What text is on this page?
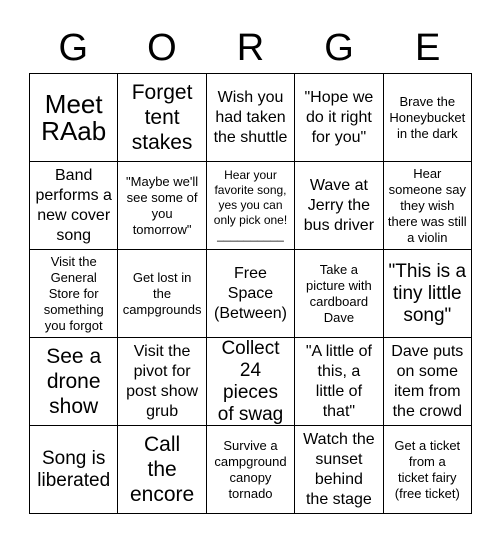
G	O	R	G	E
Meet
RAab
Forget
tent
stakes
Wish you
had taken
the shuttle
"Hope we
do it right
for you"
Brave the
Honeybucket
in the dark
Band
performs a
new cover
song
"Maybe we'll
see some of
you
tomorrow"
Hear your
favorite song,
yes you can
only pick one!
__________
Wave at
Jerry the
bus driver
Hear
someone say
they wish
there was still
a violin
Visit the
General
Store for
something
you forgot
Get lost in
the
campgrounds
Free
Space
(Between)
Take a
picture with
cardboard
Dave
"This is a
tiny little
song"
See a
drone
show
Visit the
pivot for
post show
grub
Collect
24 pieces
of swag
"A little of
this, a
little of
that"
Dave puts
on some
item from
the crowd
Song is
liberated
Call
the
encore
Survive a
campground
canopy
tornado
Watch the
sunset
behind
the stage
Get a ticket
from a
ticket fairy
(free ticket)
